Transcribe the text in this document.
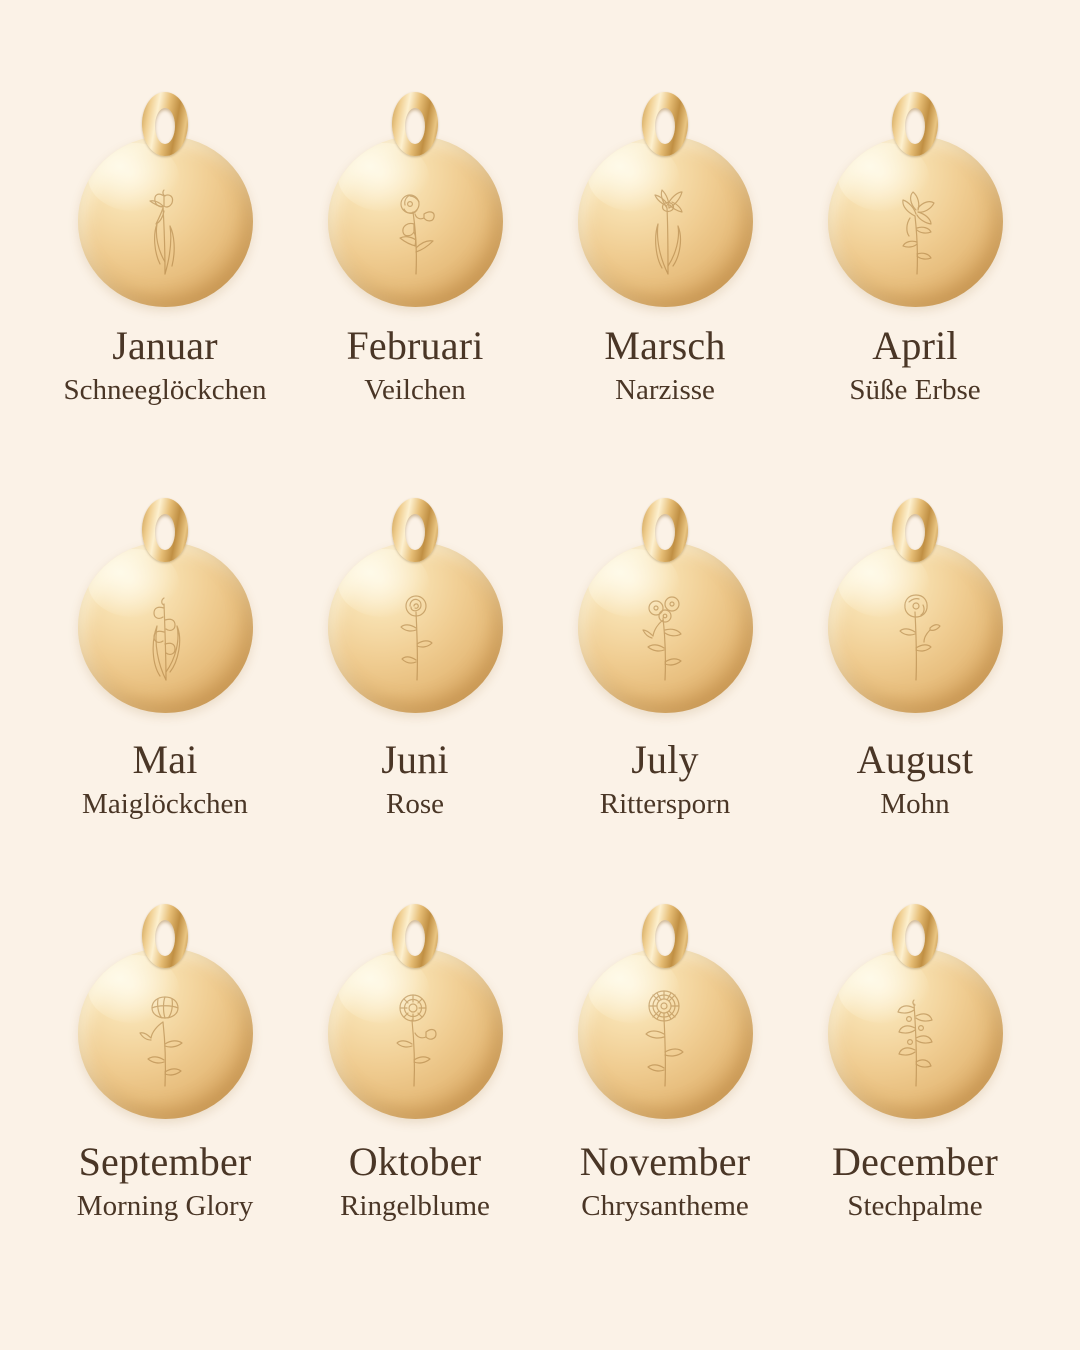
Januar
Schneeglöckchen
Februari
Veilchen
Marsch
Narzisse
April
Süße Erbse
Mai
Maiglöckchen
Juni
Rose
July
Rittersporn
August
Mohn
September
Morning Glory
Oktober
Ringelblume
November
Chrysantheme
December
Stechpalme
